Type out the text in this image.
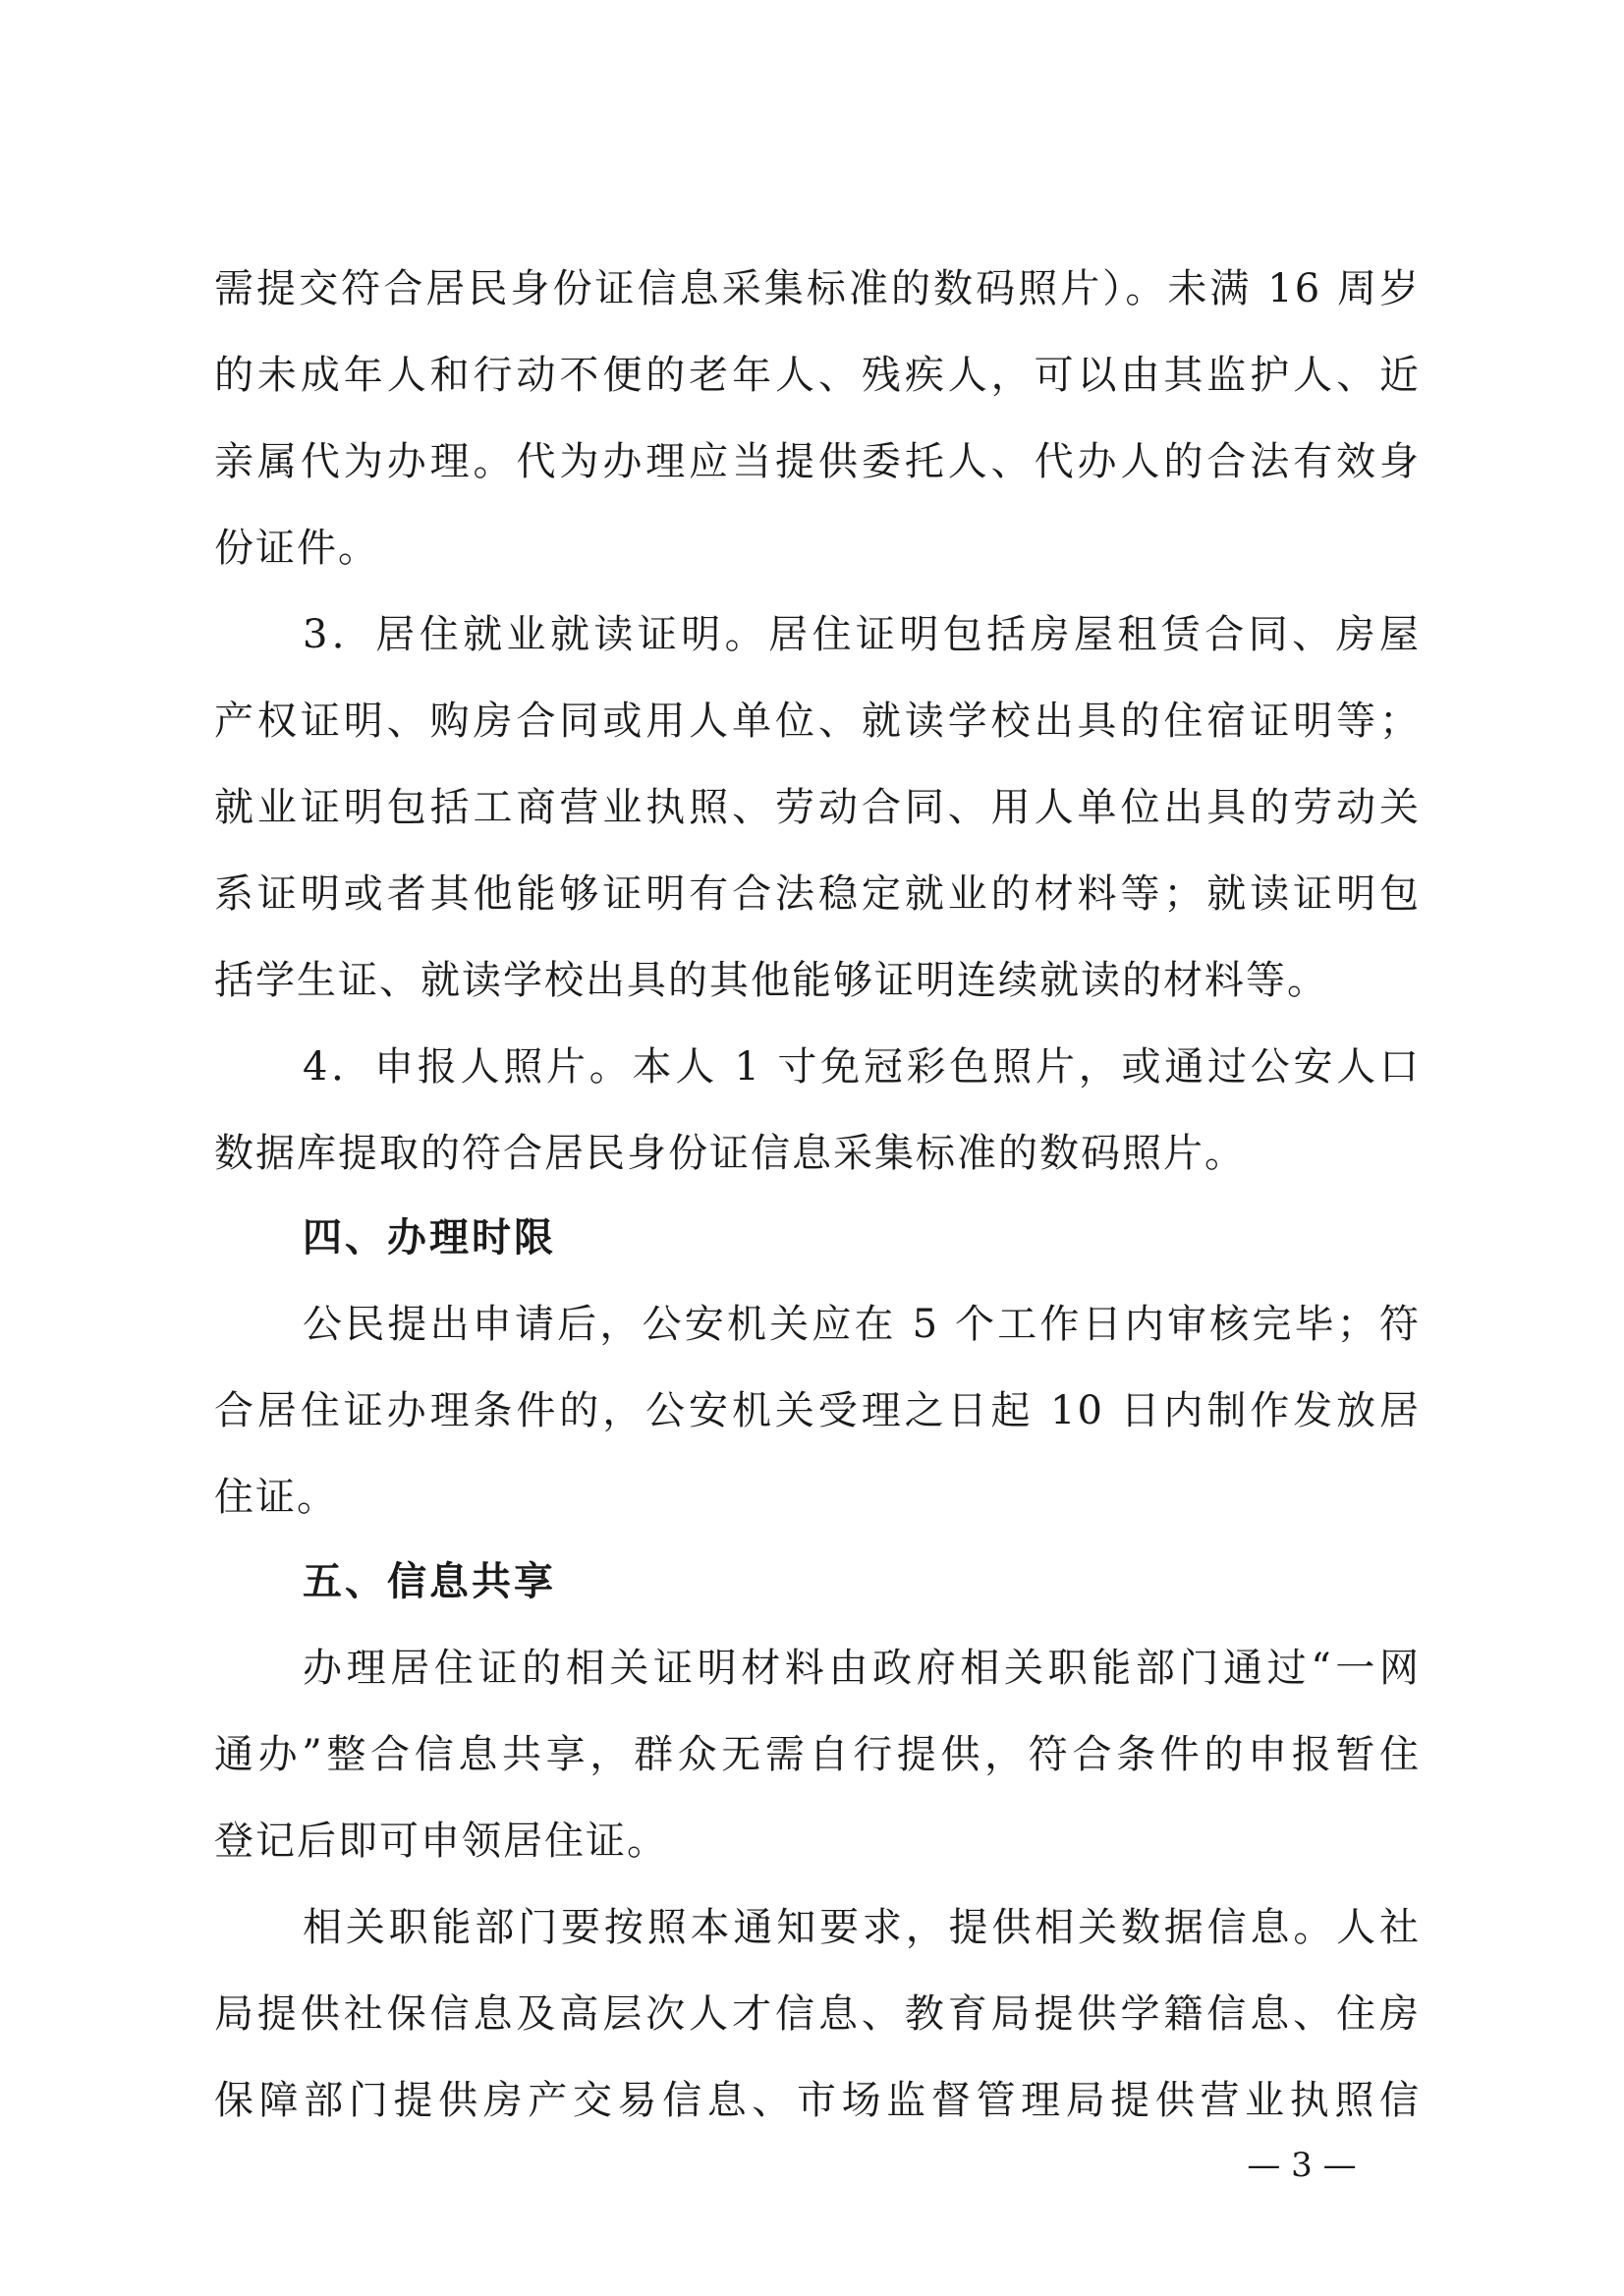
需提交符合居民身份证信息采集标准的数码照片）。未满 16 周岁
的未成年人和行动不便的老年人、残疾人，可以由其监护人、近
亲属代为办理。代为办理应当提供委托人、代办人的合法有效身
份证件。
3．居住就业就读证明。居住证明包括房屋租赁合同、房屋
产权证明、购房合同或用人单位、就读学校出具的住宿证明等；
就业证明包括工商营业执照、劳动合同、用人单位出具的劳动关
系证明或者其他能够证明有合法稳定就业的材料等；就读证明包
括学生证、就读学校出具的其他能够证明连续就读的材料等。
4．申报人照片。本人 1 寸免冠彩色照片，或通过公安人口
数据库提取的符合居民身份证信息采集标准的数码照片。
四、办理时限
公民提出申请后，公安机关应在 5 个工作日内审核完毕；符
合居住证办理条件的，公安机关受理之日起 10 日内制作发放居
住证。
五、信息共享
办理居住证的相关证明材料由政府相关职能部门通过“一网
通办”整合信息共享，群众无需自行提供，符合条件的申报暂住
登记后即可申领居住证。
相关职能部门要按照本通知要求，提供相关数据信息。人社
局提供社保信息及高层次人才信息、教育局提供学籍信息、住房
保障部门提供房产交易信息、市场监督管理局提供营业执照信
— 3 —
